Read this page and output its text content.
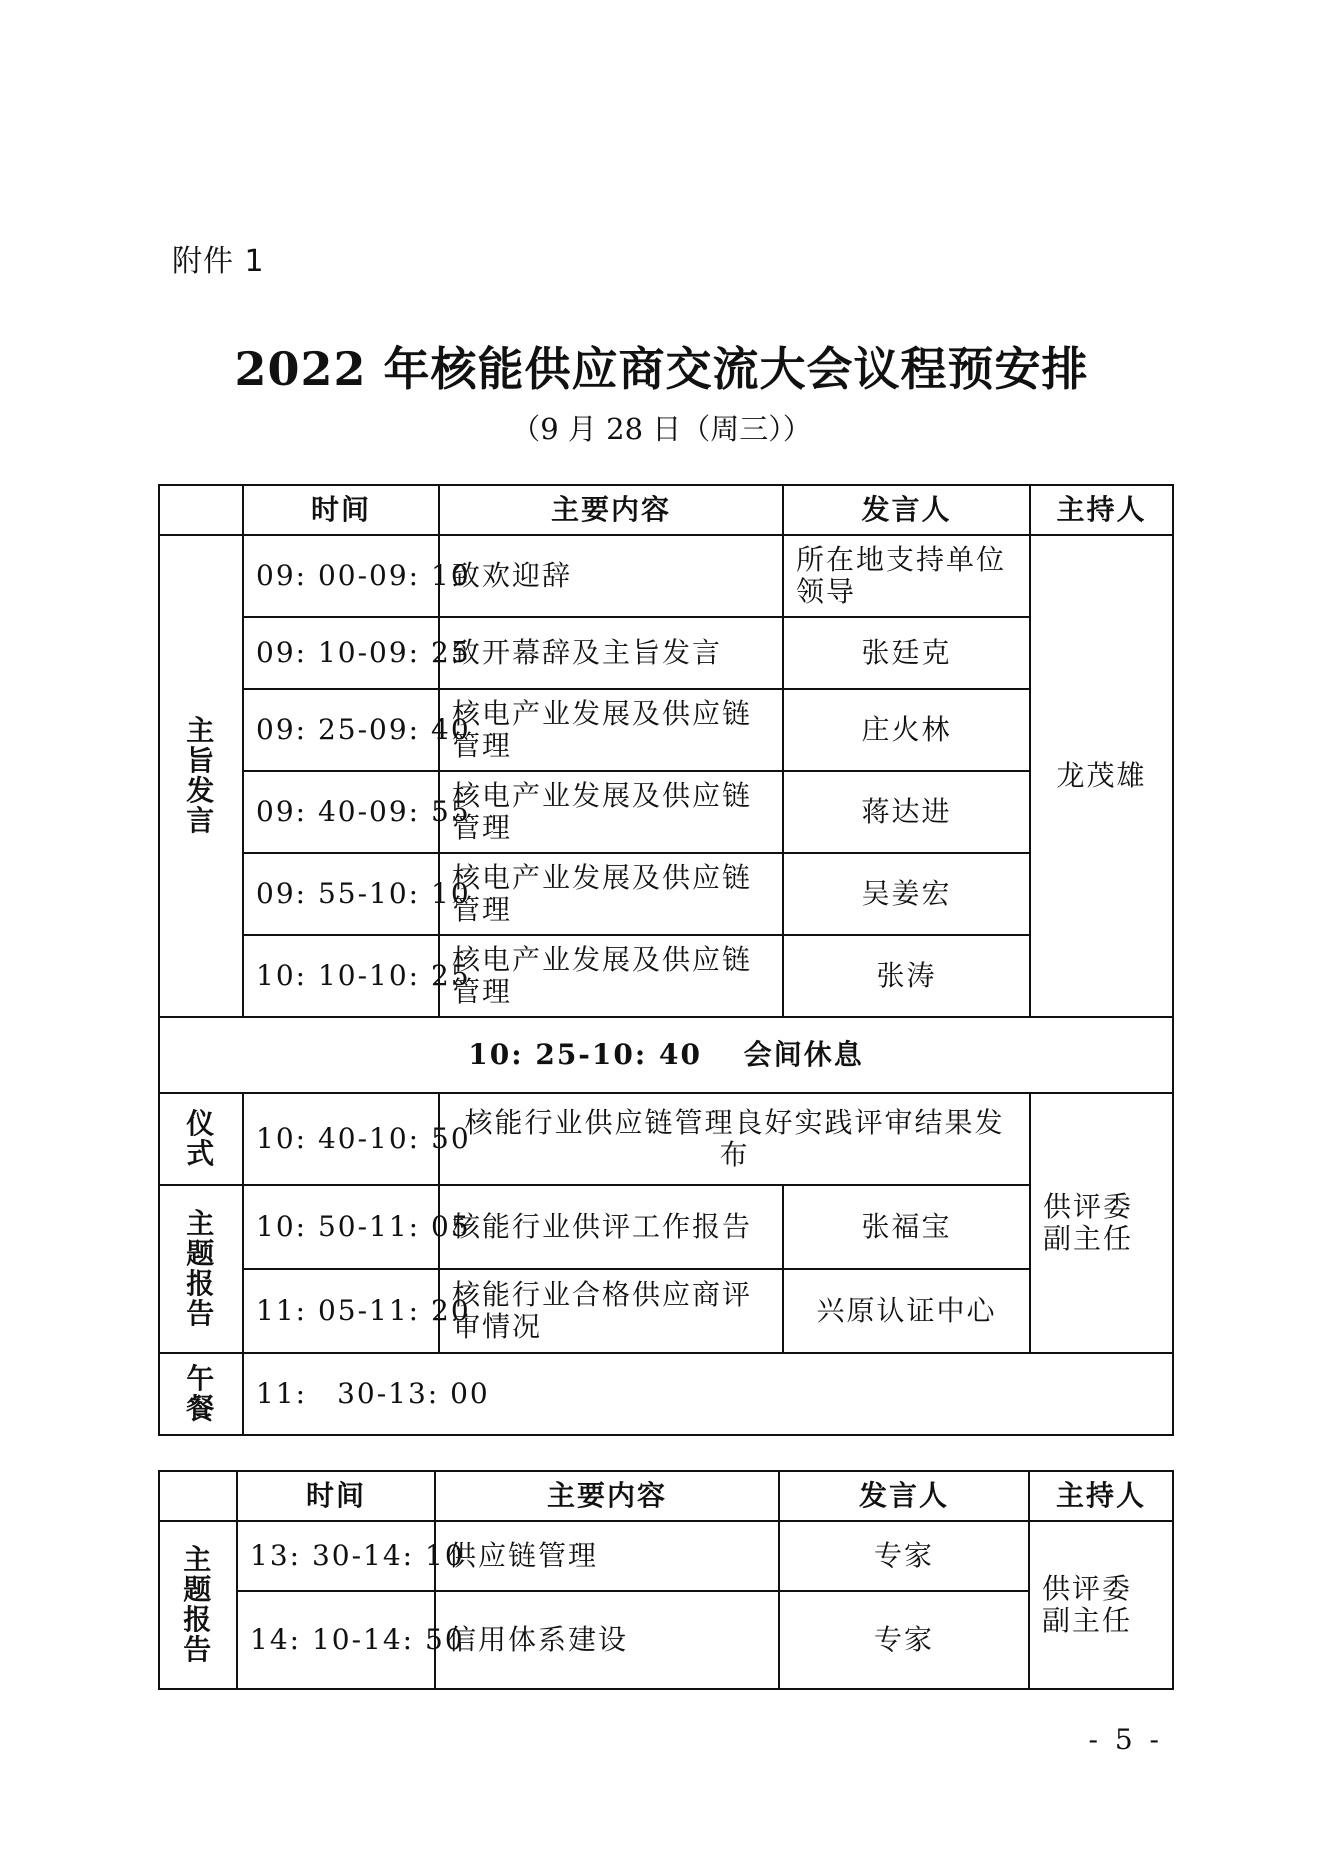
附件 1
2022 年核能供应商交流大会议程预安排
（9 月 28 日（周三））
	时间	主要内容	发言人	主持人
主旨发言	09: 00-09: 10	致欢迎辞	所在地支持单位领导	龙茂雄
	09: 10-09: 25	致开幕辞及主旨发言	张廷克	
	09: 25-09: 40	核电产业发展及供应链管理	庄火林	
	09: 40-09: 55	核电产业发展及供应链管理	蒋达进	
	09: 55-10: 10	核电产业发展及供应链管理	吴姜宏	
	10: 10-10: 25	核电产业发展及供应链管理	张涛	
10: 25-10: 40　 会间休息				
仪式	10: 40-10: 50	核能行业供应链管理良好实践评审结果发布		供评委副主任
主题报告	10: 50-11: 05	核能行业供评工作报告	张福宝	
	11: 05-11: 20	核能行业合格供应商评审情况	兴原认证中心	
午餐	11:　30-13: 00			
	时间	主要内容	发言人	主持人
主题报告	13: 30-14: 10	供应链管理	专家	供评委副主任
	14: 10-14: 50	信用体系建设	专家	
- 5 -
